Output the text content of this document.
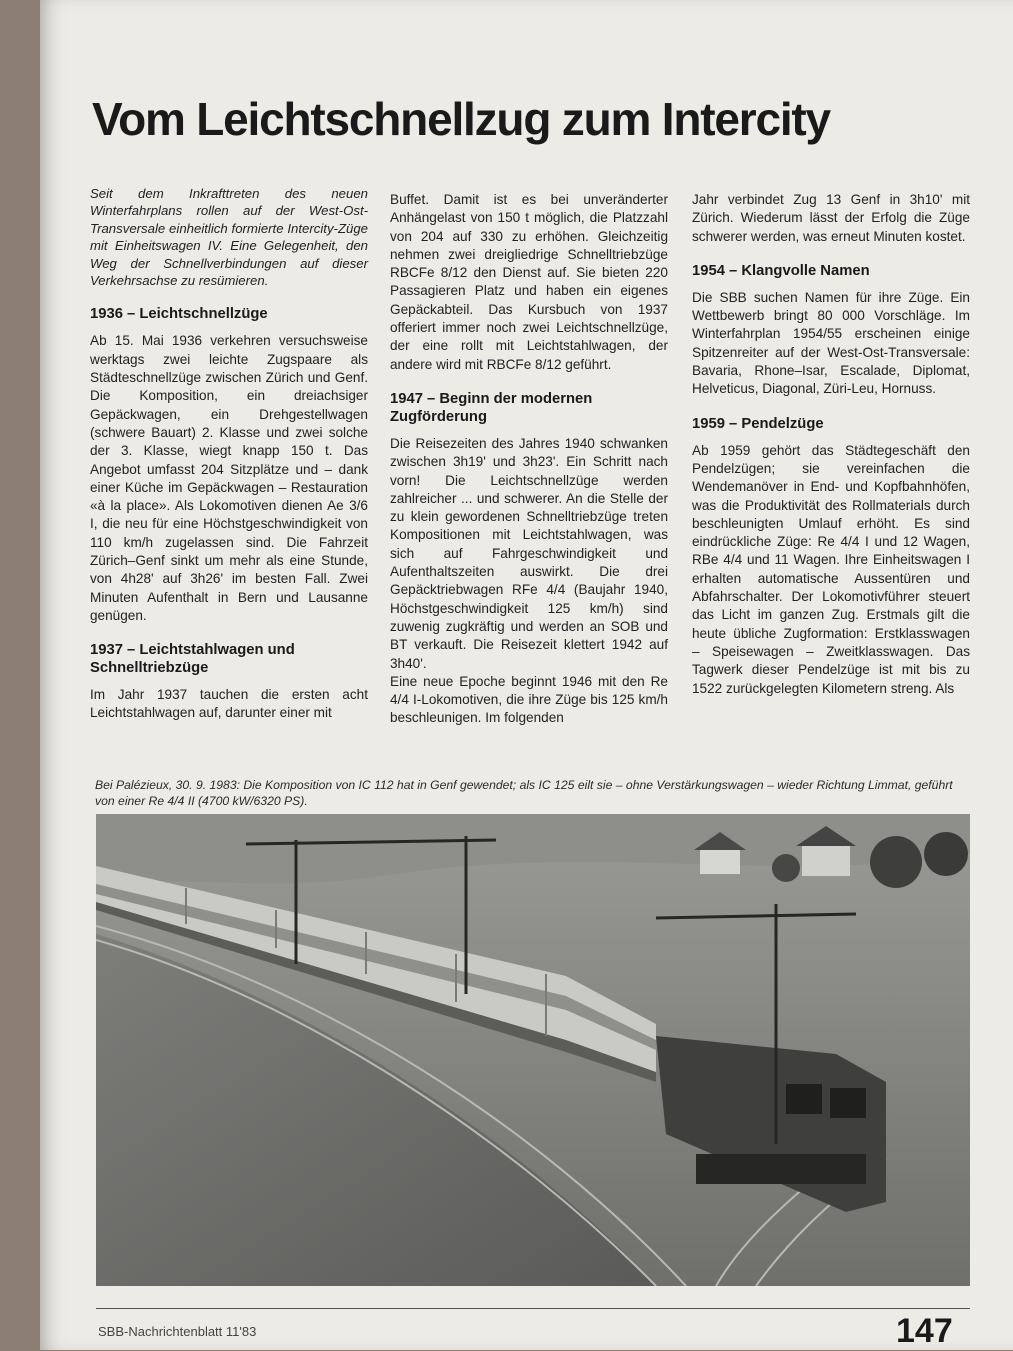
Vom Leichtschnellzug zum Intercity

Seit dem Inkrafttreten des neuen Winterfahrplans rollen auf der West-Ost-Transversale einheitlich formierte Intercity-Züge mit Einheitswagen IV. Eine Gelegenheit, den Weg der Schnellverbindungen auf dieser Verkehrsachse zu resümieren.

1936 – Leichtschnellzüge

Ab 15. Mai 1936 verkehren versuchsweise werktags zwei leichte Zugspaare als Städteschnellzüge zwischen Zürich und Genf. Die Komposition, ein dreiachsiger Gepäckwagen, ein Drehgestellwagen (schwere Bauart) 2. Klasse und zwei solche der 3. Klasse, wiegt knapp 150 t. Das Angebot umfasst 204 Sitzplätze und – dank einer Küche im Gepäckwagen – Restauration «à la place». Als Lokomotiven dienen Ae 3/6 I, die neu für eine Höchstgeschwindigkeit von 110 km/h zugelassen sind. Die Fahrzeit Zürich–Genf sinkt um mehr als eine Stunde, von 4h28' auf 3h26' im besten Fall. Zwei Minuten Aufenthalt in Bern und Lausanne genügen.

1937 – Leichtstahlwagen und Schnelltriebzüge

Im Jahr 1937 tauchen die ersten acht Leichtstahlwagen auf, darunter einer mit

Buffet. Damit ist es bei unveränderter Anhängelast von 150 t möglich, die Platzzahl von 204 auf 330 zu erhöhen. Gleichzeitig nehmen zwei dreigliedrige Schnelltriebzüge RBCFe 8/12 den Dienst auf. Sie bieten 220 Passagieren Platz und haben ein eigenes Gepäckabteil. Das Kursbuch von 1937 offeriert immer noch zwei Leichtschnellzüge, der eine rollt mit Leichtstahlwagen, der andere wird mit RBCFe 8/12 geführt.

1947 – Beginn der modernen Zugförderung

Die Reisezeiten des Jahres 1940 schwanken zwischen 3h19' und 3h23'. Ein Schritt nach vorn! Die Leichtschnellzüge werden zahlreicher ... und schwerer. An die Stelle der zu klein gewordenen Schnelltriebzüge treten Kompositionen mit Leichtstahlwagen, was sich auf Fahrgeschwindigkeit und Aufenthaltszeiten auswirkt. Die drei Gepäcktriebwagen RFe 4/4 (Baujahr 1940, Höchstgeschwindigkeit 125 km/h) sind zuwenig zugkräftig und werden an SOB und BT verkauft. Die Reisezeit klettert 1942 auf 3h40'.

Eine neue Epoche beginnt 1946 mit den Re 4/4 I-Lokomotiven, die ihre Züge bis 125 km/h beschleunigen. Im folgenden

Jahr verbindet Zug 13 Genf in 3h10' mit Zürich. Wiederum lässt der Erfolg die Züge schwerer werden, was erneut Minuten kostet.

1954 – Klangvolle Namen

Die SBB suchen Namen für ihre Züge. Ein Wettbewerb bringt 80 000 Vorschläge. Im Winterfahrplan 1954/55 erscheinen einige Spitzenreiter auf der West-Ost-Transversale: Bavaria, Rhone–Isar, Escalade, Diplomat, Helveticus, Diagonal, Züri-Leu, Hornuss.

1959 – Pendelzüge

Ab 1959 gehört das Städtegeschäft den Pendelzügen; sie vereinfachen die Wendemanöver in End- und Kopfbahnhöfen, was die Produktivität des Rollmaterials durch beschleunigten Umlauf erhöht. Es sind eindrückliche Züge: Re 4/4 I und 12 Wagen, RBe 4/4 und 11 Wagen. Ihre Einheitswagen I erhalten automatische Aussentüren und Abfahrschalter. Der Lokomotivführer steuert das Licht im ganzen Zug. Erstmals gilt die heute übliche Zugformation: Erstklasswagen – Speisewagen – Zweitklasswagen. Das Tagwerk dieser Pendelzüge ist mit bis zu 1522 zurückgelegten Kilometern streng. Als

Bei Palézieux, 30. 9. 1983: Die Komposition von IC 112 hat in Genf gewendet; als IC 125 eilt sie – ohne Verstärkungswagen – wieder Richtung Limmat, geführt von einer Re 4/4 II (4700 kW/6320 PS).

SBB-Nachrichtenblatt 11'83	147
